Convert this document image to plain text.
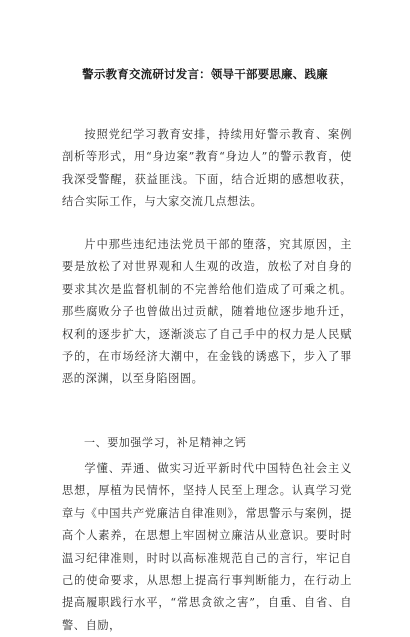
警示教育交流研讨发言：领导干部要思廉、践廉

按照党纪学习教育安排，持续用好警示教育、案例剖析等形式，用“身边案”教育“身边人”的警示教育，使我深受警醒，获益匪浅。下面，结合近期的感想收获，结合实际工作，与大家交流几点想法。

片中那些违纪违法党员干部的堕落，究其原因，主要是放松了对世界观和人生观的改造，放松了对自身的要求其次是监督机制的不完善给他们造成了可乘之机。那些腐败分子也曾做出过贡献，随着地位逐步地升迁，权利的逐步扩大，逐渐淡忘了自己手中的权力是人民赋予的，在市场经济大潮中，在金钱的诱惑下，步入了罪恶的深渊，以至身陷囹圄。

一、要加强学习，补足精神之钙

学懂、弄通、做实习近平新时代中国特色社会主义思想，厚植为民情怀，坚持人民至上理念。认真学习党章与《中国共产党廉洁自律准则》，常思警示与案例，提高个人素养，在思想上牢固树立廉洁从业意识。要时时温习纪律准则，时时以高标准规范自己的言行，牢记自己的使命要求，从思想上提高行事判断能力，在行动上提高履职践行水平，“常思贪欲之害”，自重、自省、自警、自励，
